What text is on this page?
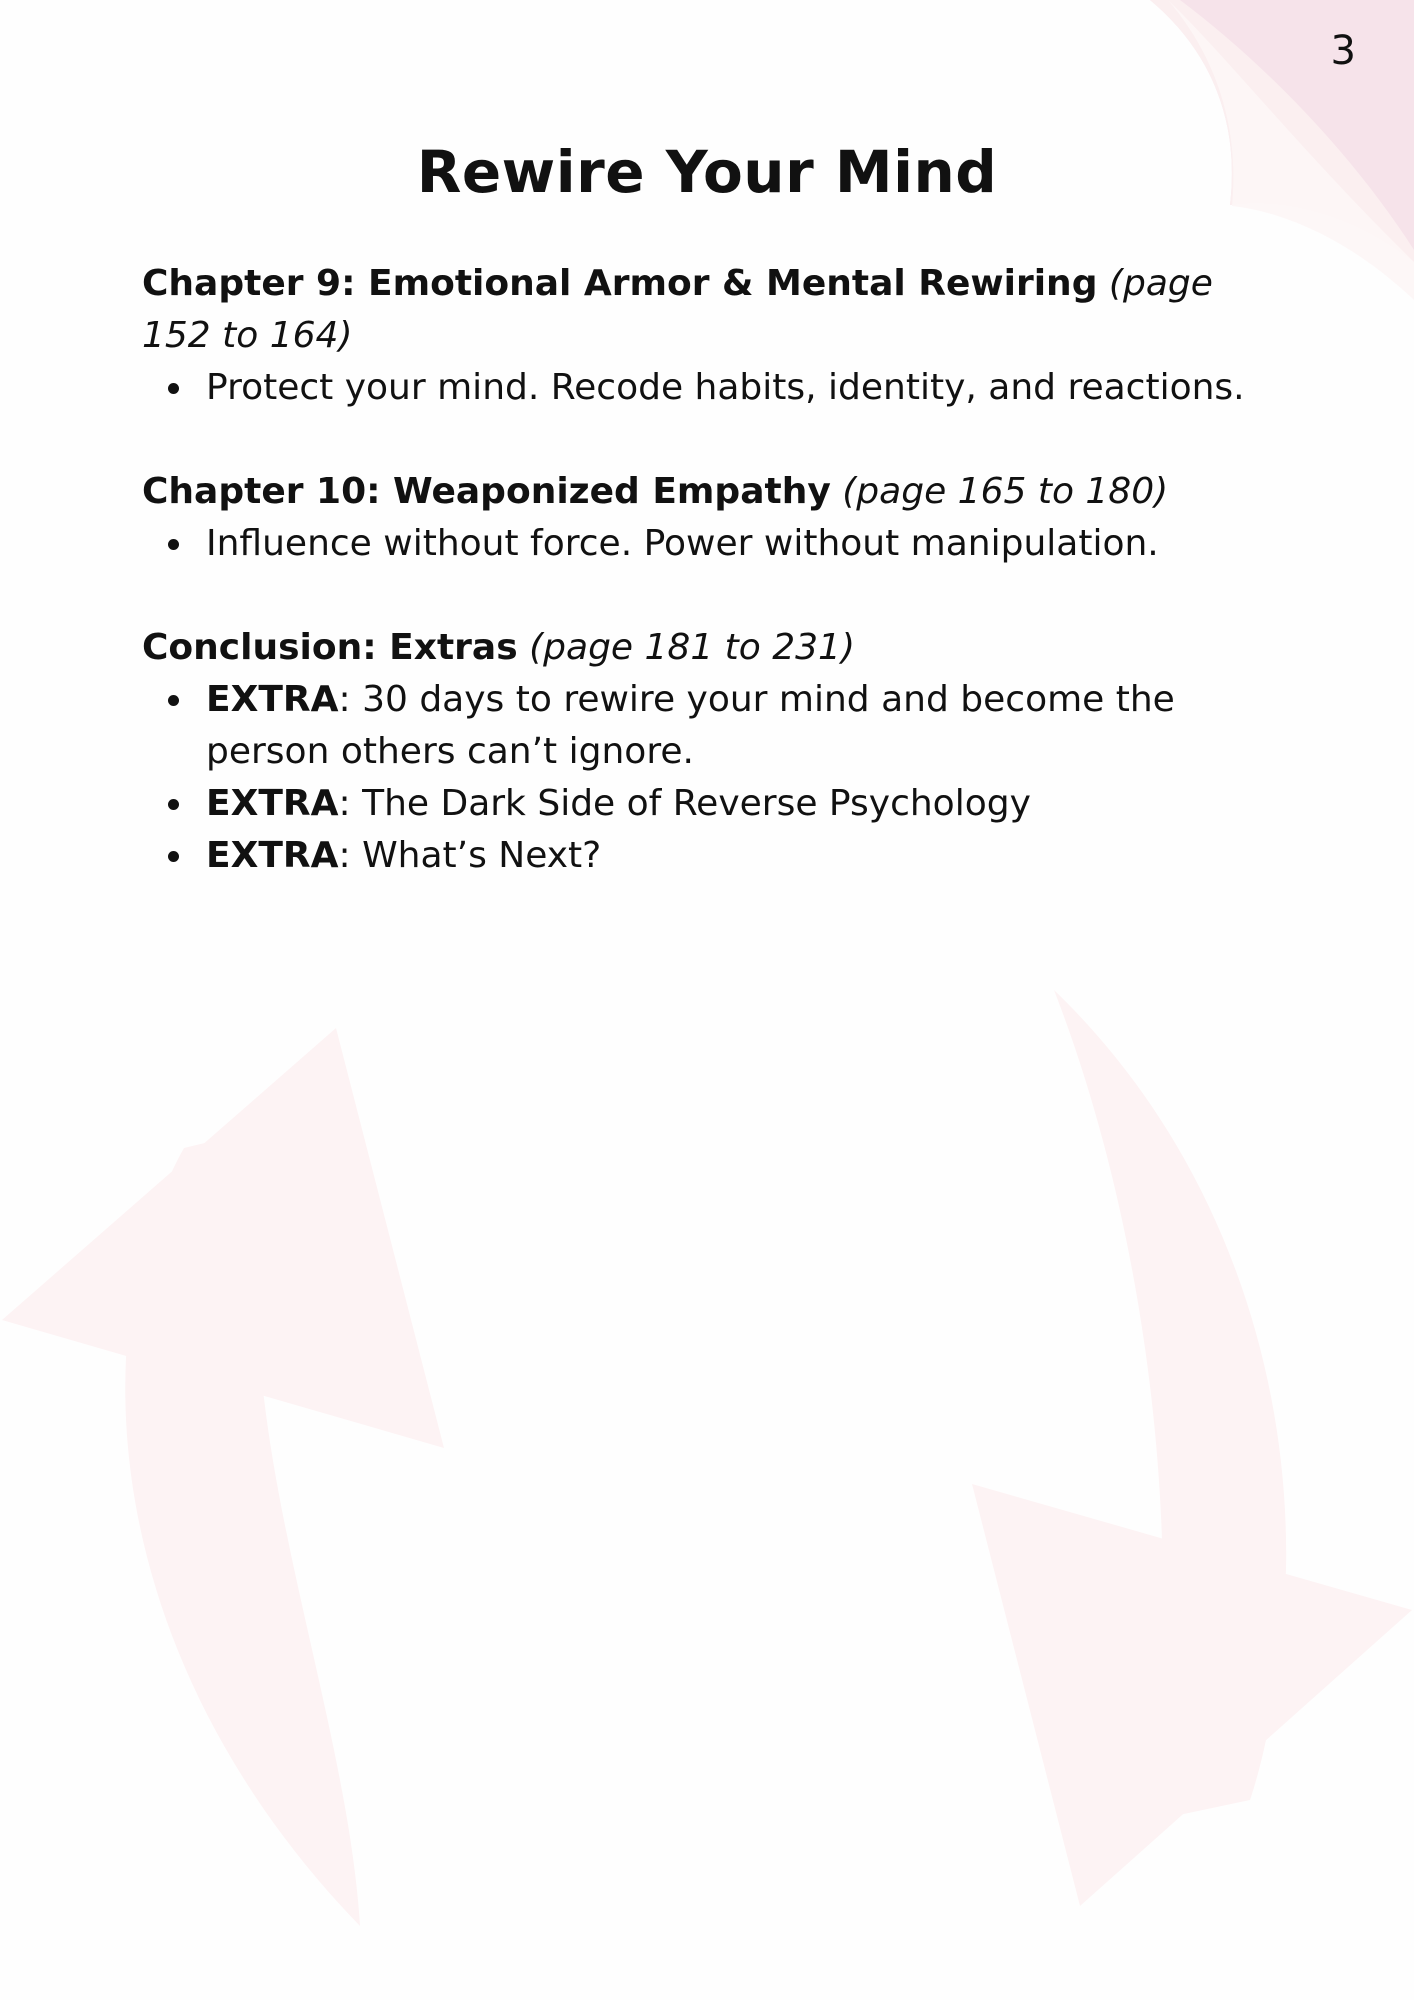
3
Rewire Your Mind

Chapter 9: Emotional Armor & Mental Rewiring (page 152 to 164)

Protect your mind. Recode habits, identity, and reactions.

Chapter 10: Weaponized Empathy (page 165 to 180)

Influence without force. Power without manipulation.

Conclusion: Extras (page 181 to 231)

EXTRA: 30 days to rewire your mind and become the person others can’t ignore.
EXTRA: The Dark Side of Reverse Psychology
EXTRA: What’s Next?
